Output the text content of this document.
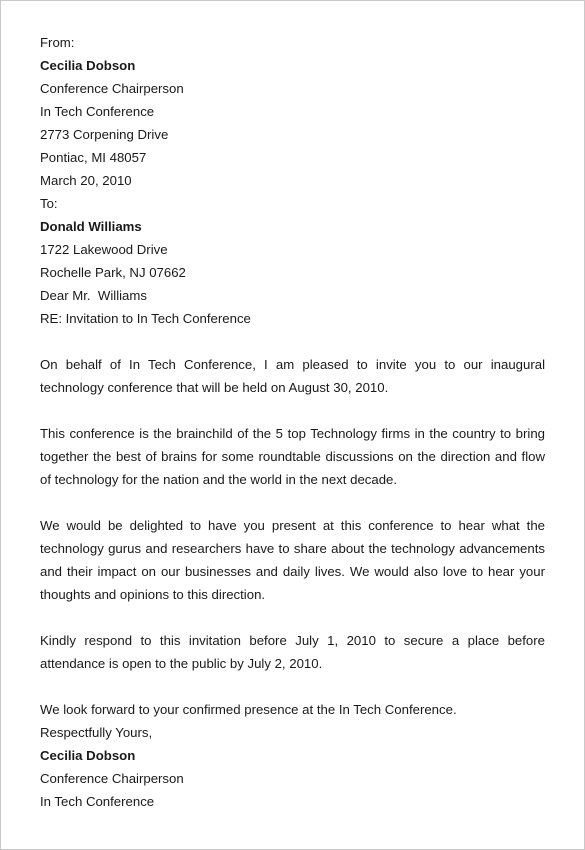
From:
Cecilia Dobson
Conference Chairperson
In Tech Conference
2773 Corpening Drive
Pontiac, MI 48057
March 20, 2010
To:
Donald Williams
1722 Lakewood Drive
Rochelle Park, NJ 07662
Dear Mr.  Williams
RE: Invitation to In Tech Conference

On behalf of In Tech Conference, I am pleased to invite you to our inaugural technology conference that will be held on August 30, 2010.

This conference is the brainchild of the 5 top Technology firms in the country to bring together the best of brains for some roundtable discussions on the direction and flow of technology for the nation and the world in the next decade.

We would be delighted to have you present at this conference to hear what the technology gurus and researchers have to share about the technology advancements and their impact on our businesses and daily lives. We would also love to hear your thoughts and opinions to this direction.

Kindly respond to this invitation before July 1, 2010 to secure a place before attendance is open to the public by July 2, 2010.

We look forward to your confirmed presence at the In Tech Conference.
Respectfully Yours,
Cecilia Dobson
Conference Chairperson
In Tech Conference
